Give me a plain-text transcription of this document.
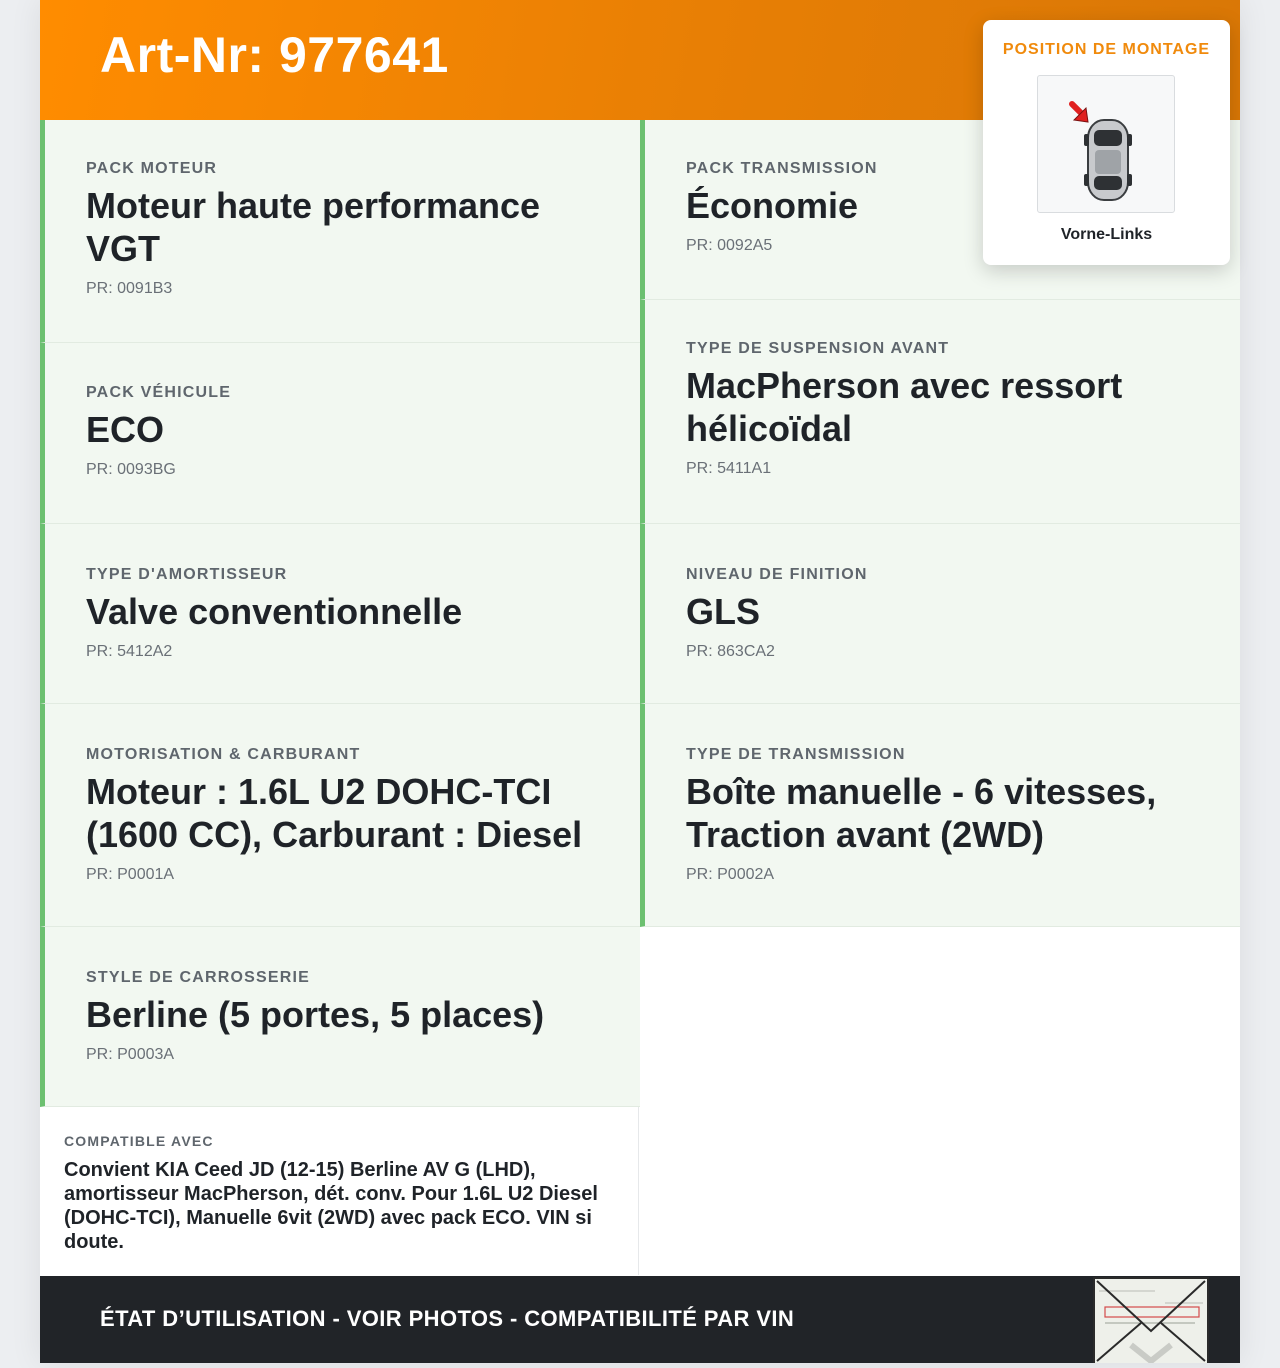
Art-Nr: 977641
PACK MOTEUR
Moteur haute performance VGT
PR: 0091B3
PACK VÉHICULE
ECO
PR: 0093BG
TYPE D'AMORTISSEUR
Valve conventionnelle
PR: 5412A2
MOTORISATION & CARBURANT
Moteur : 1.6L U2 DOHC-TCI (1600 CC), Carburant : Diesel
PR: P0001A
STYLE DE CARROSSERIE
Berline (5 portes, 5 places)
PR: P0003A
PACK TRANSMISSION
Économie
PR: 0092A5
TYPE DE SUSPENSION AVANT
MacPherson avec ressort hélicoïdal
PR: 5411A1
NIVEAU DE FINITION
GLS
PR: 863CA2
TYPE DE TRANSMISSION
Boîte manuelle - 6 vitesses, Traction avant (2WD)
PR: P0002A
COMPATIBLE AVEC
Convient KIA Ceed JD (12-15) Berline AV G (LHD), amortisseur MacPherson, dét. conv. Pour 1.6L U2 Diesel (DOHC-TCI), Manuelle 6vit (2WD) avec pack ECO. VIN si doute.
ÉTAT D’UTILISATION - VOIR PHOTOS - COMPATIBILITÉ PAR VIN
POSITION DE MONTAGE
Vorne-Links
